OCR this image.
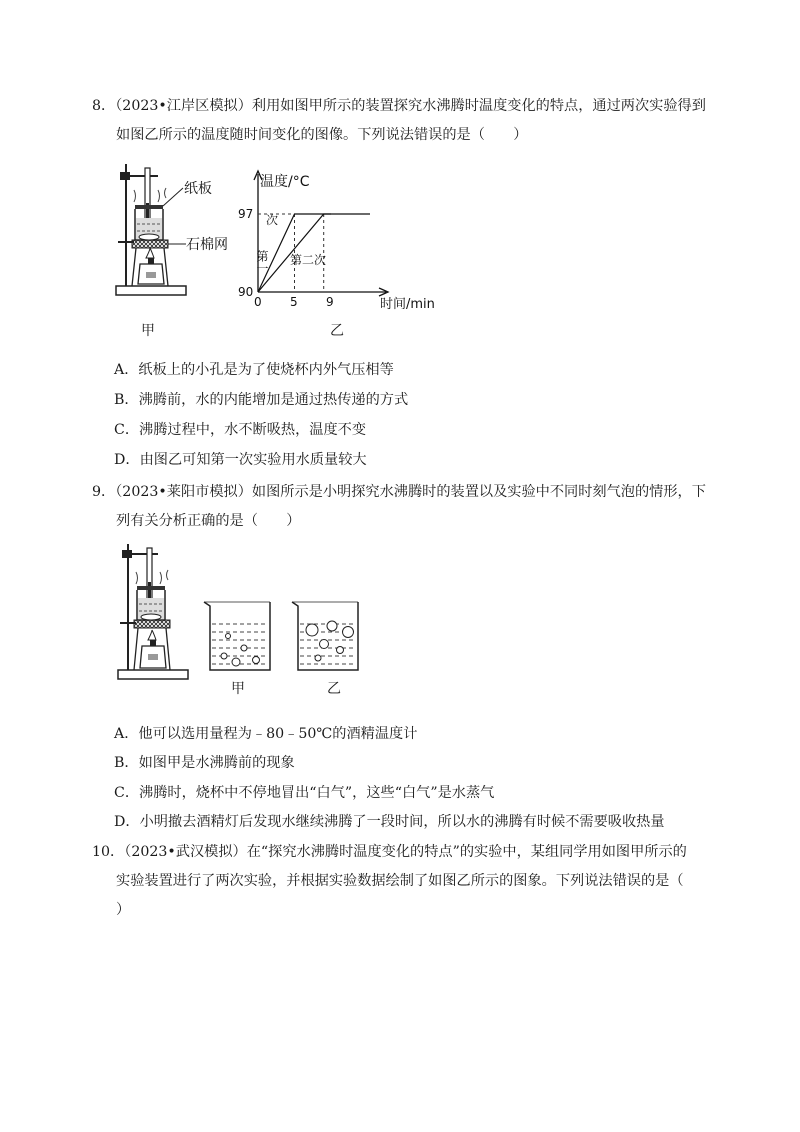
8．（2023•江岸区模拟）利用如图甲所示的装置探究水沸腾时温度变化的特点，通过两次实验得到
如图乙所示的温度随时间变化的图像。下列说法错误的是（　　）
纸板
石棉网
甲
温度/°C
时间/min
97
90
0 5 9
次
第一 第二次
乙
A．纸板上的小孔是为了使烧杯内外气压相等
B．沸腾前，水的内能增加是通过热传递的方式
C．沸腾过程中，水不断吸热，温度不变
D．由图乙可知第一次实验用水质量较大
9．（2023•莱阳市模拟）如图所示是小明探究水沸腾时的装置以及实验中不同时刻气泡的情形，下
列有关分析正确的是（　　）
甲	乙
A．他可以选用量程为﹣80﹣50℃的酒精温度计
B．如图甲是水沸腾前的现象
C．沸腾时，烧杯中不停地冒出“白气”，这些“白气”是水蒸气
D．小明撤去酒精灯后发现水继续沸腾了一段时间，所以水的沸腾有时候不需要吸收热量
10．（2023•武汉模拟）在“探究水沸腾时温度变化的特点”的实验中，某组同学用如图甲所示的
实验装置进行了两次实验，并根据实验数据绘制了如图乙所示的图象。下列说法错误的是（
）
